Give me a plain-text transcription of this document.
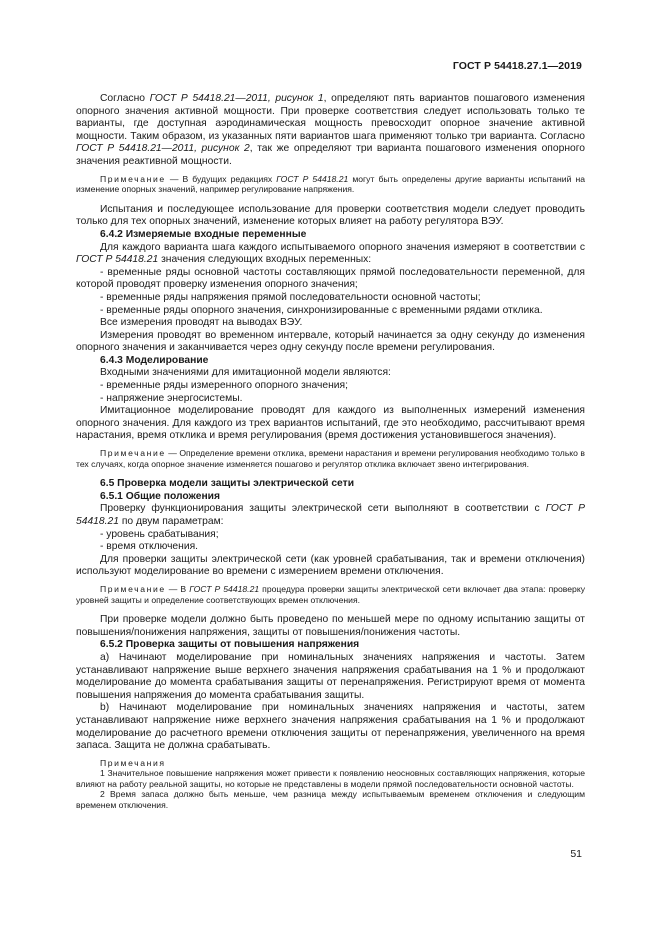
ГОСТ Р 54418.27.1—2019

Согласно ГОСТ Р 54418.21—2011, рисунок 1, определяют пять вариантов пошагового изменения опорного значения активной мощности. При проверке соответствия следует использовать только те варианты, где доступная аэродинамическая мощность превосходит опорное значение активной мощности. Таким образом, из указанных пяти вариантов шага применяют только три варианта. Согласно ГОСТ Р 54418.21—2011, рисунок 2, так же определяют три варианта пошагового изменения опорного значения реактивной мощности.

Примечание — В будущих редакциях ГОСТ Р 54418.21 могут быть определены другие варианты испытаний на изменение опорных значений, например регулирование напряжения.

Испытания и последующее использование для проверки соответствия модели следует проводить только для тех опорных значений, изменение которых влияет на работу регулятора ВЭУ.

6.4.2 Измеряемые входные переменные

Для каждого варианта шага каждого испытываемого опорного значения измеряют в соответствии с ГОСТ Р 54418.21 значения следующих входных переменных:

- временные ряды основной частоты составляющих прямой последовательности переменной, для которой проводят проверку изменения опорного значения;

- временные ряды напряжения прямой последовательности основной частоты;

- временные ряды опорного значения, синхронизированные с временными рядами отклика.

Все измерения проводят на выводах ВЭУ.

Измерения проводят во временном интервале, который начинается за одну секунду до изменения опорного значения и заканчивается через одну секунду после времени регулирования.

6.4.3 Моделирование

Входными значениями для имитационной модели являются:

- временные ряды измеренного опорного значения;

- напряжение энергосистемы.

Имитационное моделирование проводят для каждого из выполненных измерений изменения опорного значения. Для каждого из трех вариантов испытаний, где это необходимо, рассчитывают время нарастания, время отклика и время регулирования (время достижения установившегося значения).

Примечание — Определение времени отклика, времени нарастания и времени регулирования необходимо только в тех случаях, когда опорное значение изменяется пошагово и регулятор отклика включает звено интегрирования.

6.5 Проверка модели защиты электрической сети

6.5.1 Общие положения

Проверку функционирования защиты электрической сети выполняют в соответствии с ГОСТ Р 54418.21 по двум параметрам:

- уровень срабатывания;

- время отключения.

Для проверки защиты электрической сети (как уровней срабатывания, так и времени отключения) используют моделирование во времени с измерением времени отключения.

Примечание — В ГОСТ Р 54418.21 процедура проверки защиты электрической сети включает два этапа: проверку уровней защиты и определение соответствующих времен отключения.

При проверке модели должно быть проведено по меньшей мере по одному испытанию защиты от повышения/понижения напряжения, защиты от повышения/понижения частоты.

6.5.2 Проверка защиты от повышения напряжения

a) Начинают моделирование при номинальных значениях напряжения и частоты. Затем устанавливают напряжение выше верхнего значения напряжения срабатывания на 1 % и продолжают моделирование до момента срабатывания защиты от перенапряжения. Регистрируют время от момента повышения напряжения до момента срабатывания защиты.

b) Начинают моделирование при номинальных значениях напряжения и частоты, затем устанавливают напряжение ниже верхнего значения напряжения срабатывания на 1 % и продолжают моделирование до расчетного времени отключения защиты от перенапряжения, увеличенного на время запаса. Защита не должна срабатывать.

Примечания

1 Значительное повышение напряжения может привести к появлению неосновных составляющих напряжения, которые влияют на работу реальной защиты, но которые не представлены в модели прямой последовательности основной частоты.

2 Время запаса должно быть меньше, чем разница между испытываемым временем отключения и следующим временем отключения.

51
